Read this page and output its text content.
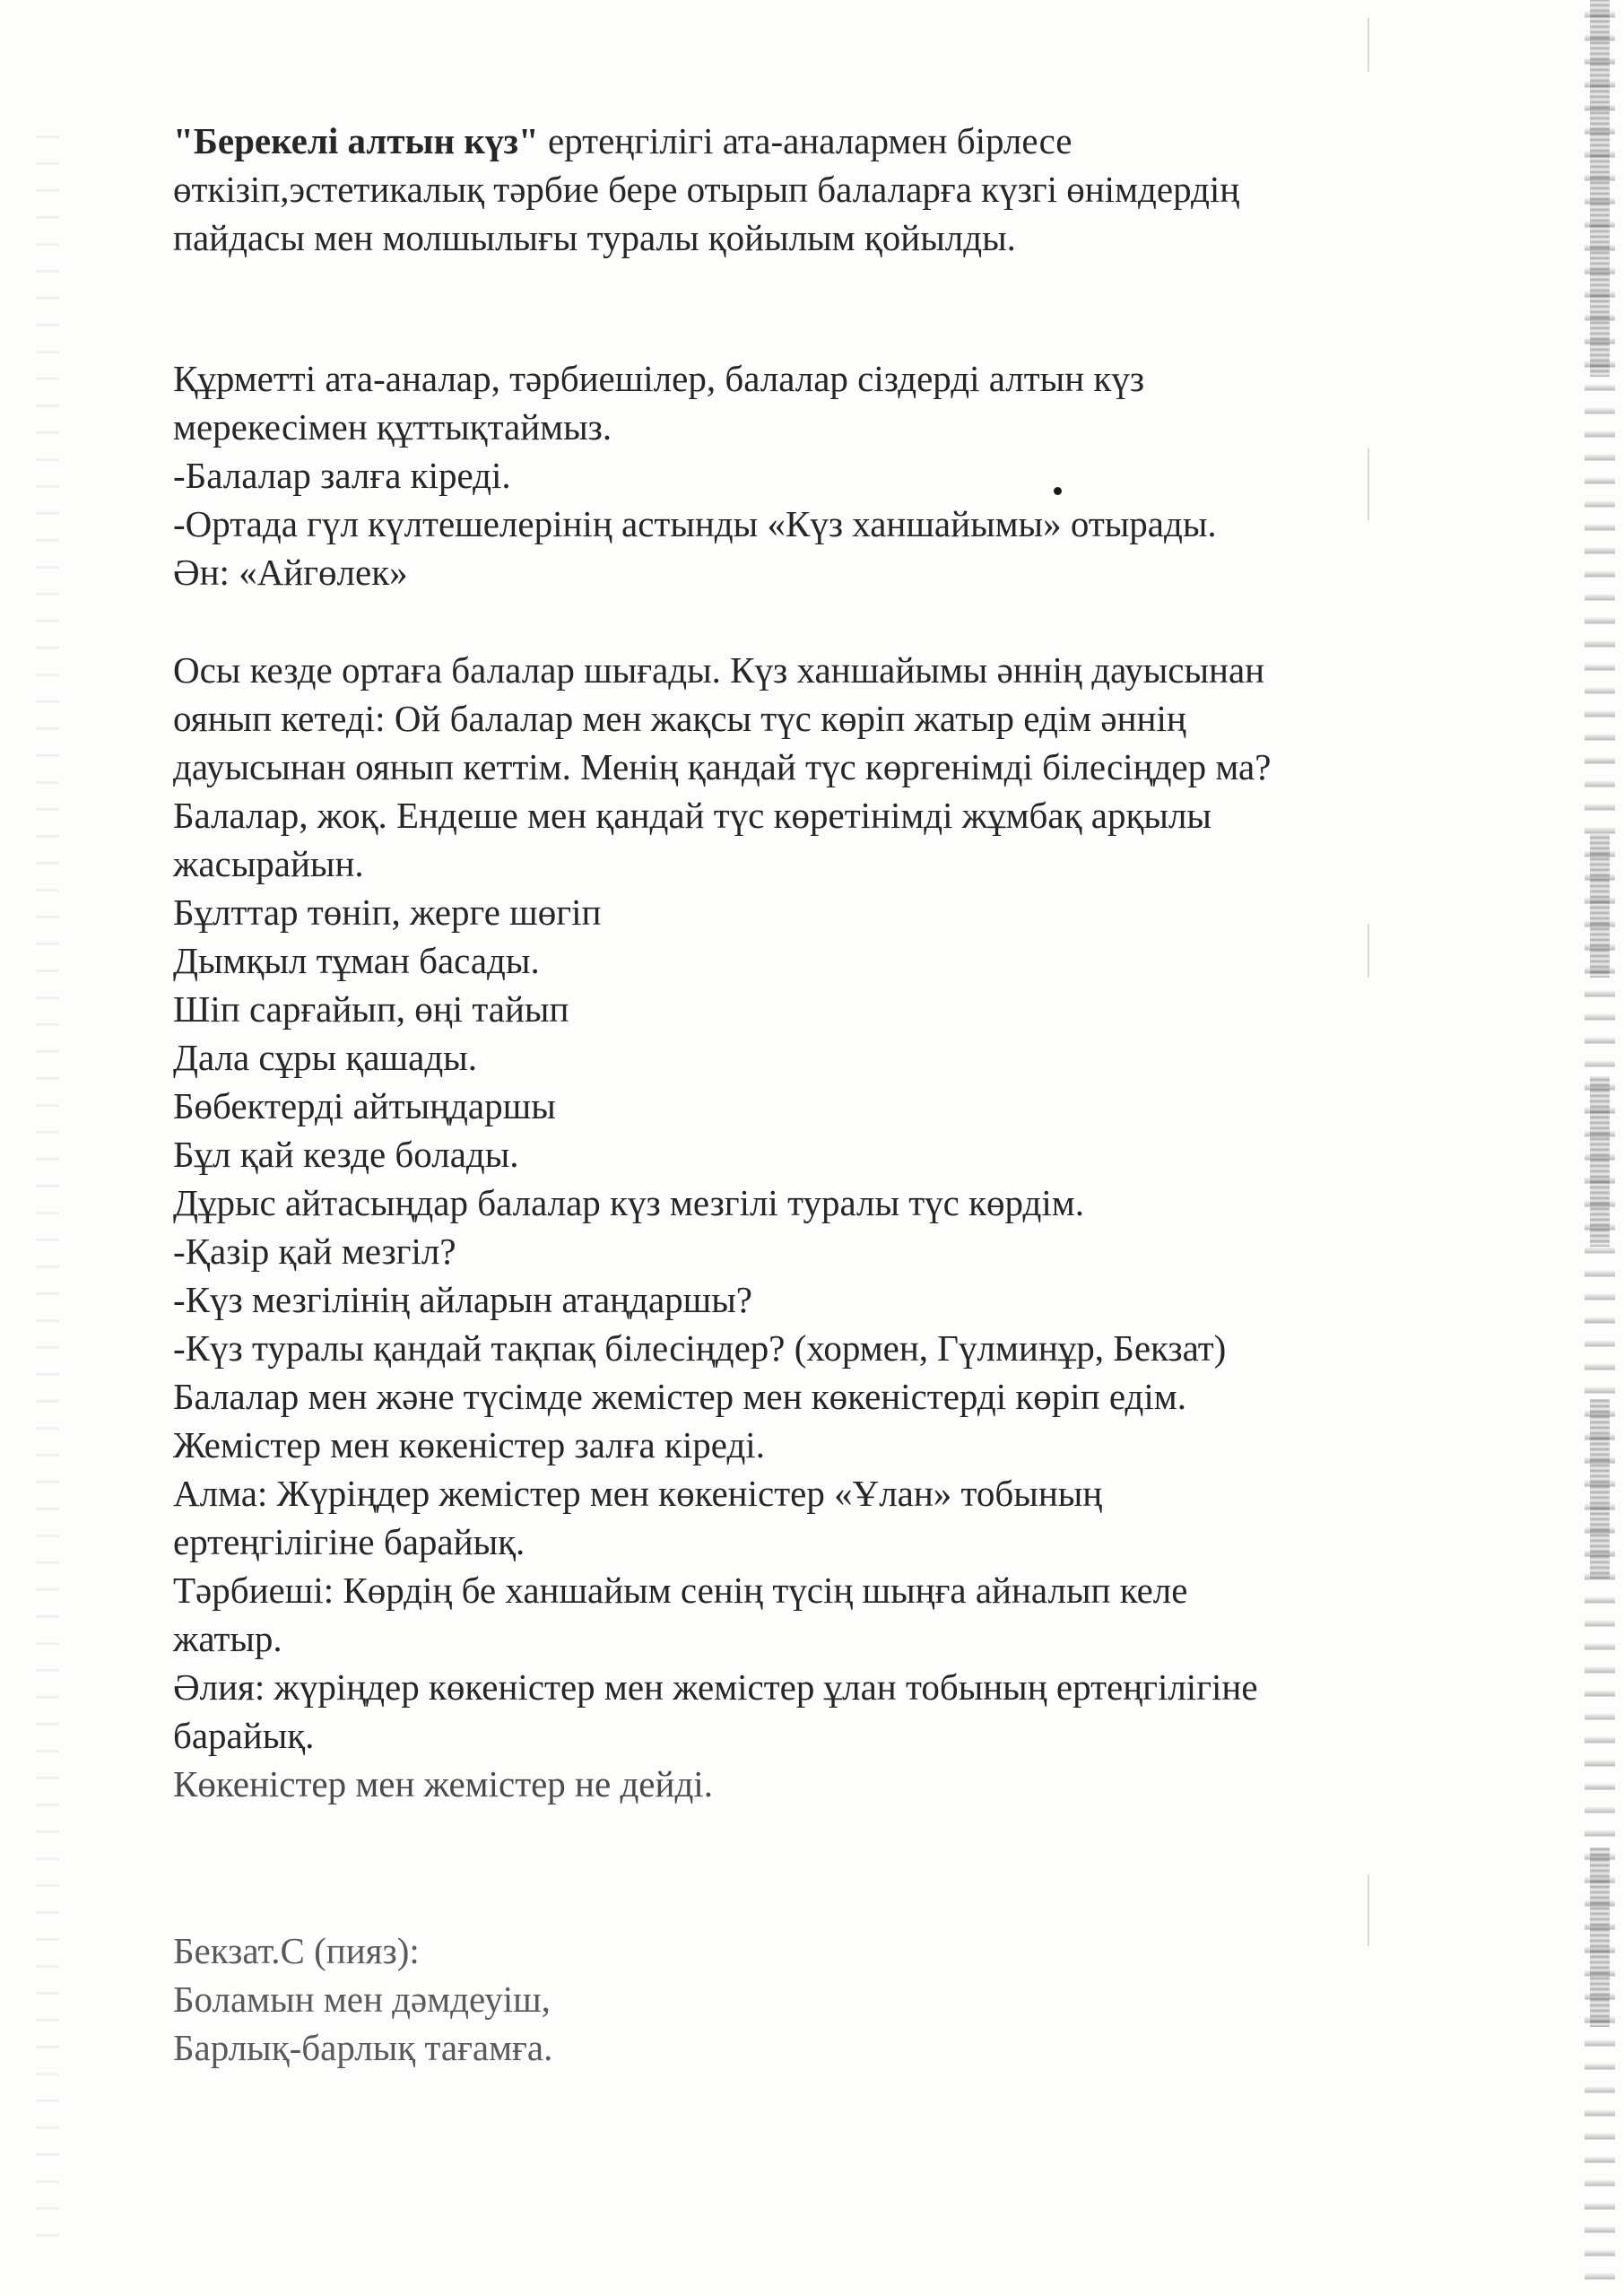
"Берекелі алтын күз" ертеңгілігі ата-аналармен бірлесе

өткізіп,эстетикалық тәрбие бере отырып балаларға күзгі өнімдердің

пайдасы мен молшылығы туралы қойылым қойылды.

Құрметті ата-аналар, тәрбиешілер, балалар сіздерді алтын күз

мерекесімен құттықтаймыз.

-Балалар залға кіреді.

-Ортада гүл күлтешелерінің астынды «Күз ханшайымы» отырады.

Ән: «Айгөлек»

Осы кезде ортаға балалар шығады. Күз ханшайымы әннің дауысынан

оянып кетеді: Ой балалар мен жақсы түс көріп жатыр едім әннің

дауысынан оянып кеттім. Менің қандай түс көргенімді білесіңдер ма?

Балалар, жоқ. Ендеше мен қандай түс көретінімді жұмбақ арқылы

жасырайын.

Бұлттар төніп, жерге шөгіп

Дымқыл тұман басады.

Шіп сарғайып, өңі тайып

Дала сұры қашады.

Бөбектерді айтыңдаршы

Бұл қай кезде болады.

Дұрыс айтасыңдар балалар күз мезгілі туралы түс көрдім.

-Қазір қай мезгіл?

-Күз мезгілінің айларын атаңдаршы?

-Күз туралы қандай тақпақ білесіңдер? (хормен, Гүлминұр, Бекзат)

Балалар мен және түсімде жемістер мен көкеністерді көріп едім.

Жемістер мен көкеністер залға кіреді.

Алма: Жүріңдер жемістер мен көкеністер «Ұлан» тобының

ертеңгілігіне барайық.

Тәрбиеші: Көрдің бе ханшайым сенің түсің шыңға айналып келе

жатыр.

Әлия: жүріңдер көкеністер мен жемістер ұлан тобының ертеңгілігіне

барайық.

Көкеністер мен жемістер не дейді.

Бекзат.С (пияз):

Боламын мен дәмдеуіш,

Барлық-барлық тағамға.
